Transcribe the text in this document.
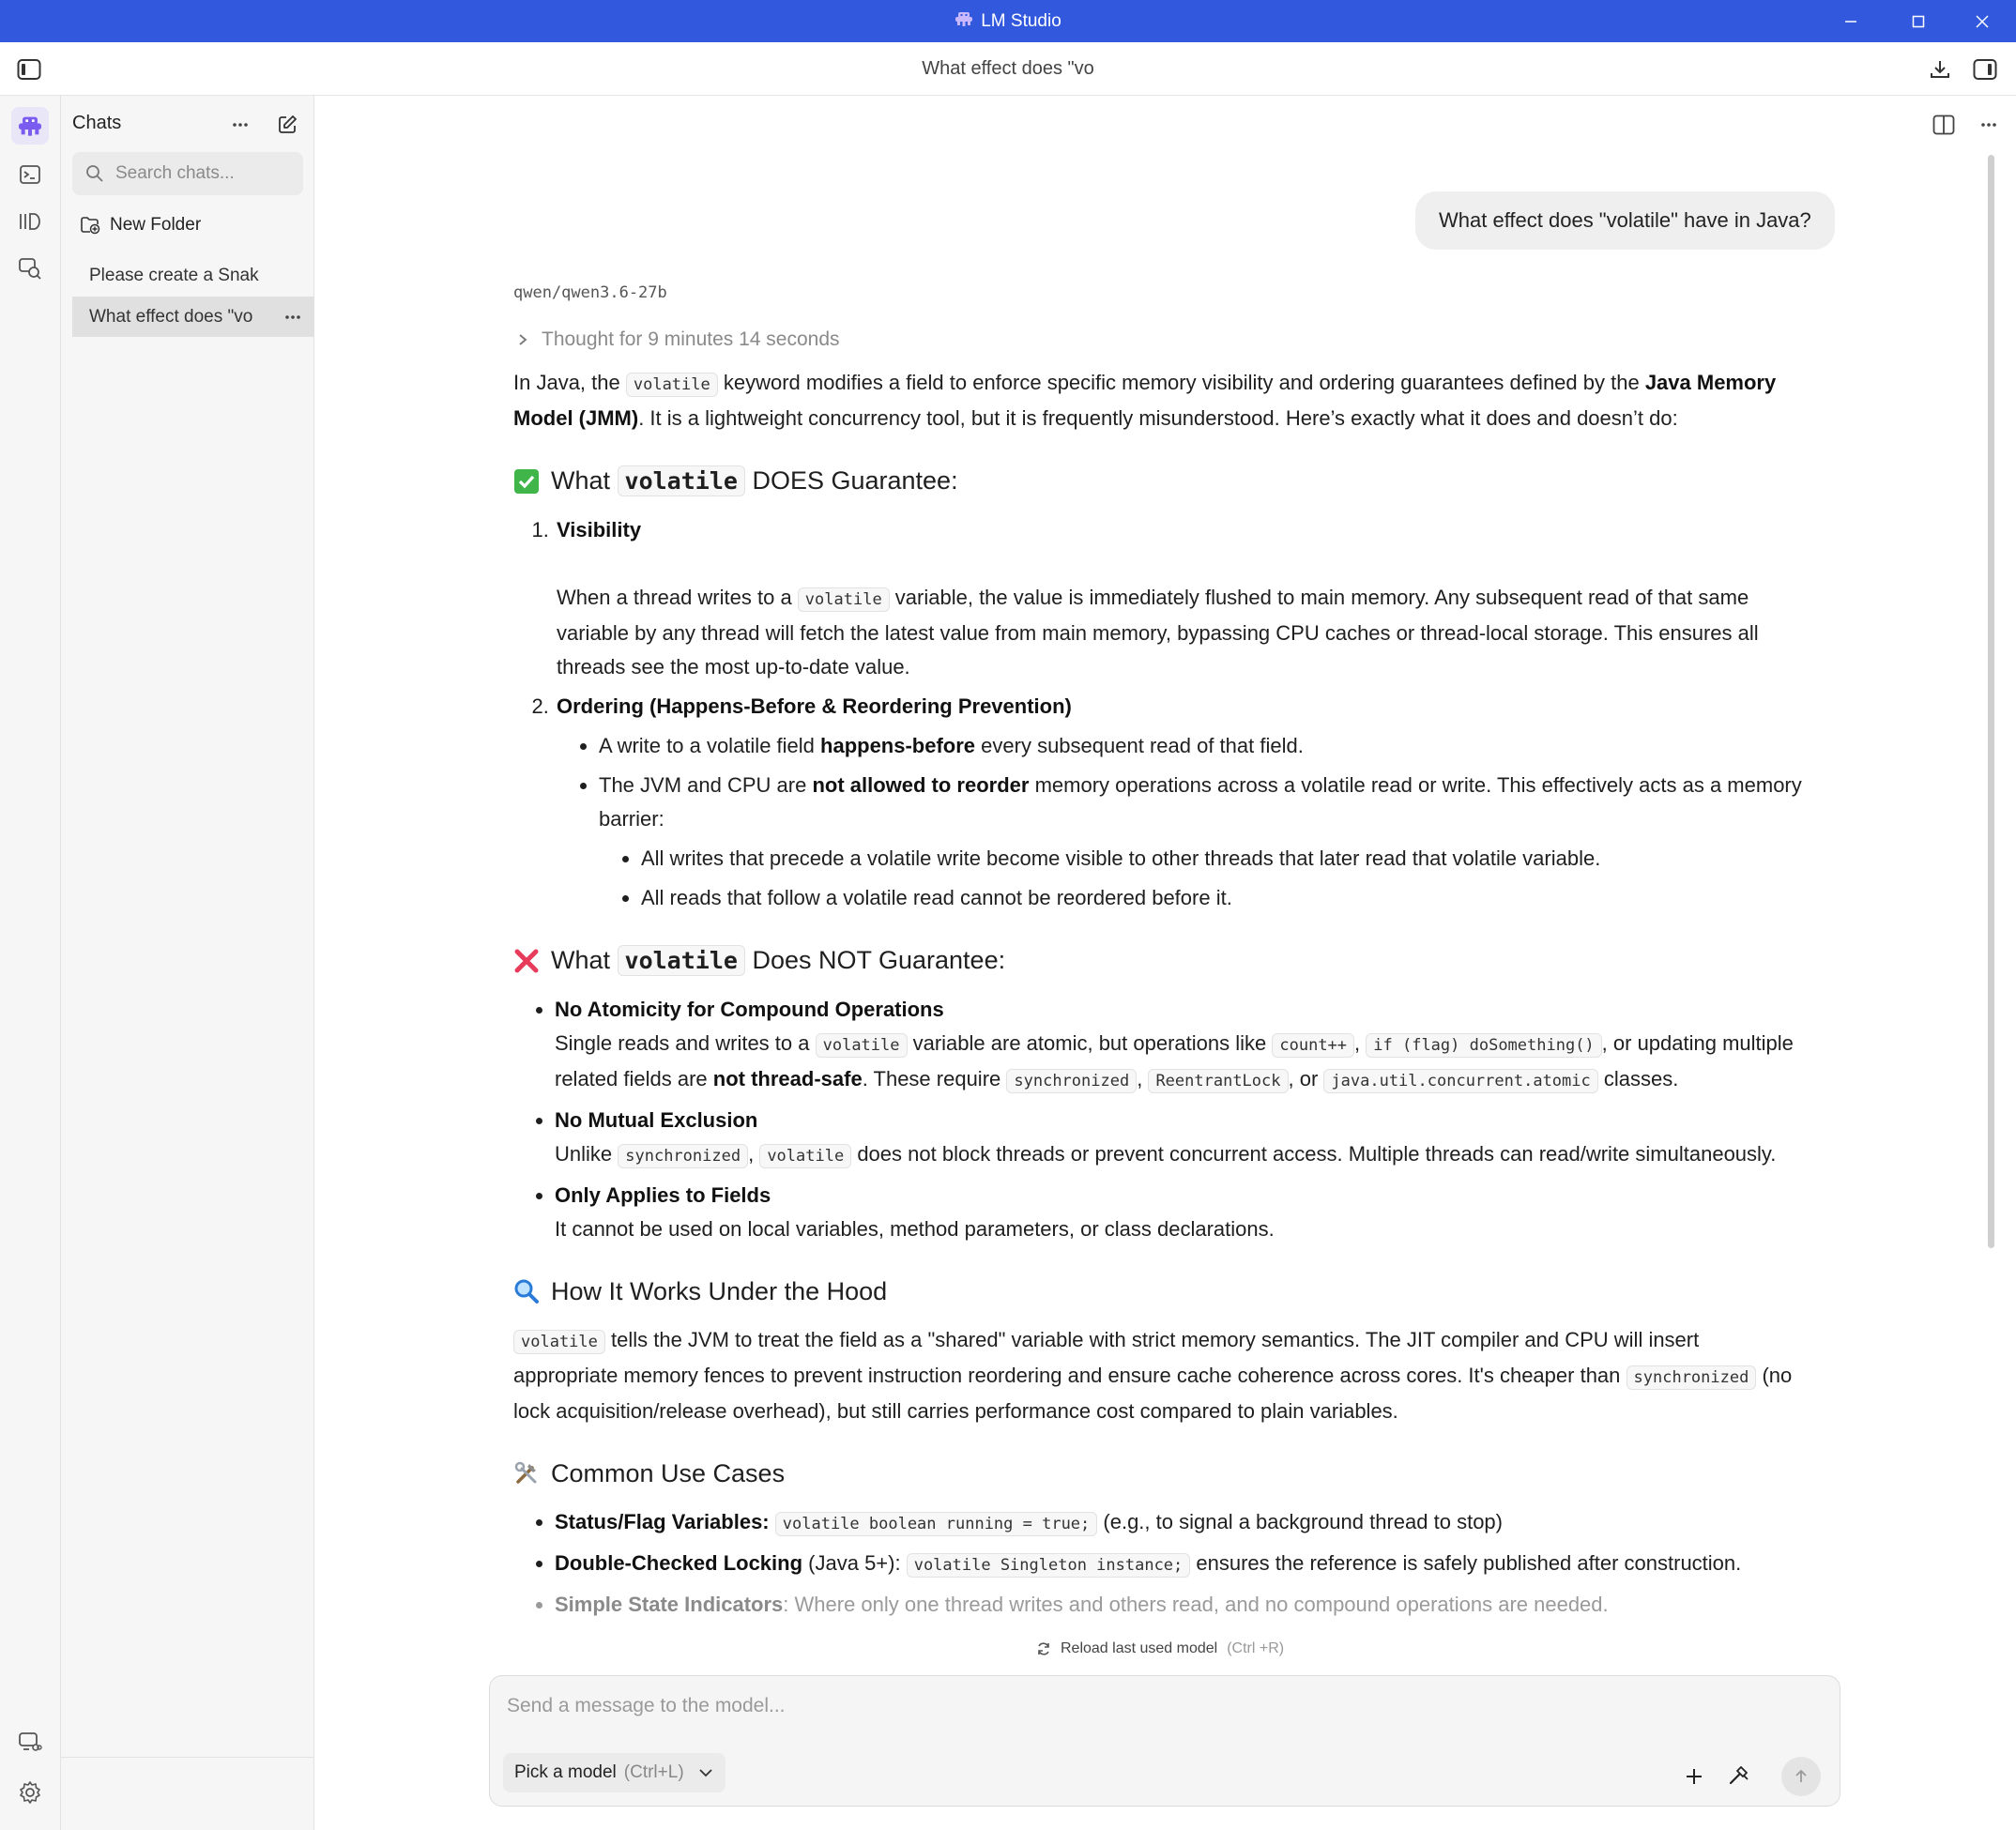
LM Studio
What effect does "vo
Chats
Search chats...
New Folder
Please create a Snak
What effect does "vo
What effect does "volatile" have in Java?
qwen/qwen3.6-27b
Thought for 9 minutes 14 seconds

In Java, the volatile keyword modifies a field to enforce specific memory visibility and ordering guarantees defined by the Java Memory Model (JMM). It is a lightweight concurrency tool, but it is frequently misunderstood. Here’s exactly what it does and doesn’t do:

What volatile DOES Guarantee:
1. Visibility
When a thread writes to a volatile variable, the value is immediately flushed to main memory. Any subsequent read of that same variable by any thread will fetch the latest value from main memory, bypassing CPU caches or thread-local storage. This ensures all threads see the most up-to-date value.
2. Ordering (Happens-Before & Reordering Prevention)
• A write to a volatile field happens-before every subsequent read of that field.
• The JVM and CPU are not allowed to reorder memory operations across a volatile read or write. This effectively acts as a memory barrier:
• All writes that precede a volatile write become visible to other threads that later read that volatile variable.
• All reads that follow a volatile read cannot be reordered before it.
What volatile Does NOT Guarantee:
• No Atomicity for Compound Operations
Single reads and writes to a volatile variable are atomic, but operations like count++ , if (flag) doSomething() , or updating multiple related fields are not thread-safe. These require synchronized , ReentrantLock , or java.util.concurrent.atomic classes.
• No Mutual Exclusion
Unlike synchronized , volatile does not block threads or prevent concurrent access. Multiple threads can read/write simultaneously.
• Only Applies to Fields
It cannot be used on local variables, method parameters, or class declarations.
How It Works Under the Hood

volatile tells the JVM to treat the field as a "shared" variable with strict memory semantics. The JIT compiler and CPU will insert appropriate memory fences to prevent instruction reordering and ensure cache coherence across cores. It's cheaper than synchronized (no lock acquisition/release overhead), but still carries performance cost compared to plain variables.

Common Use Cases
• Status/Flag Variables: volatile boolean running = true; (e.g., to signal a background thread to stop)
• Double-Checked Locking (Java 5+): volatile Singleton instance; ensures the reference is safely published after construction.
• Simple State Indicators: Where only one thread writes and others read, and no compound operations are needed.
Reload last used model (Ctrl +R)
Send a message to the model...
Pick a model (Ctrl+L)
